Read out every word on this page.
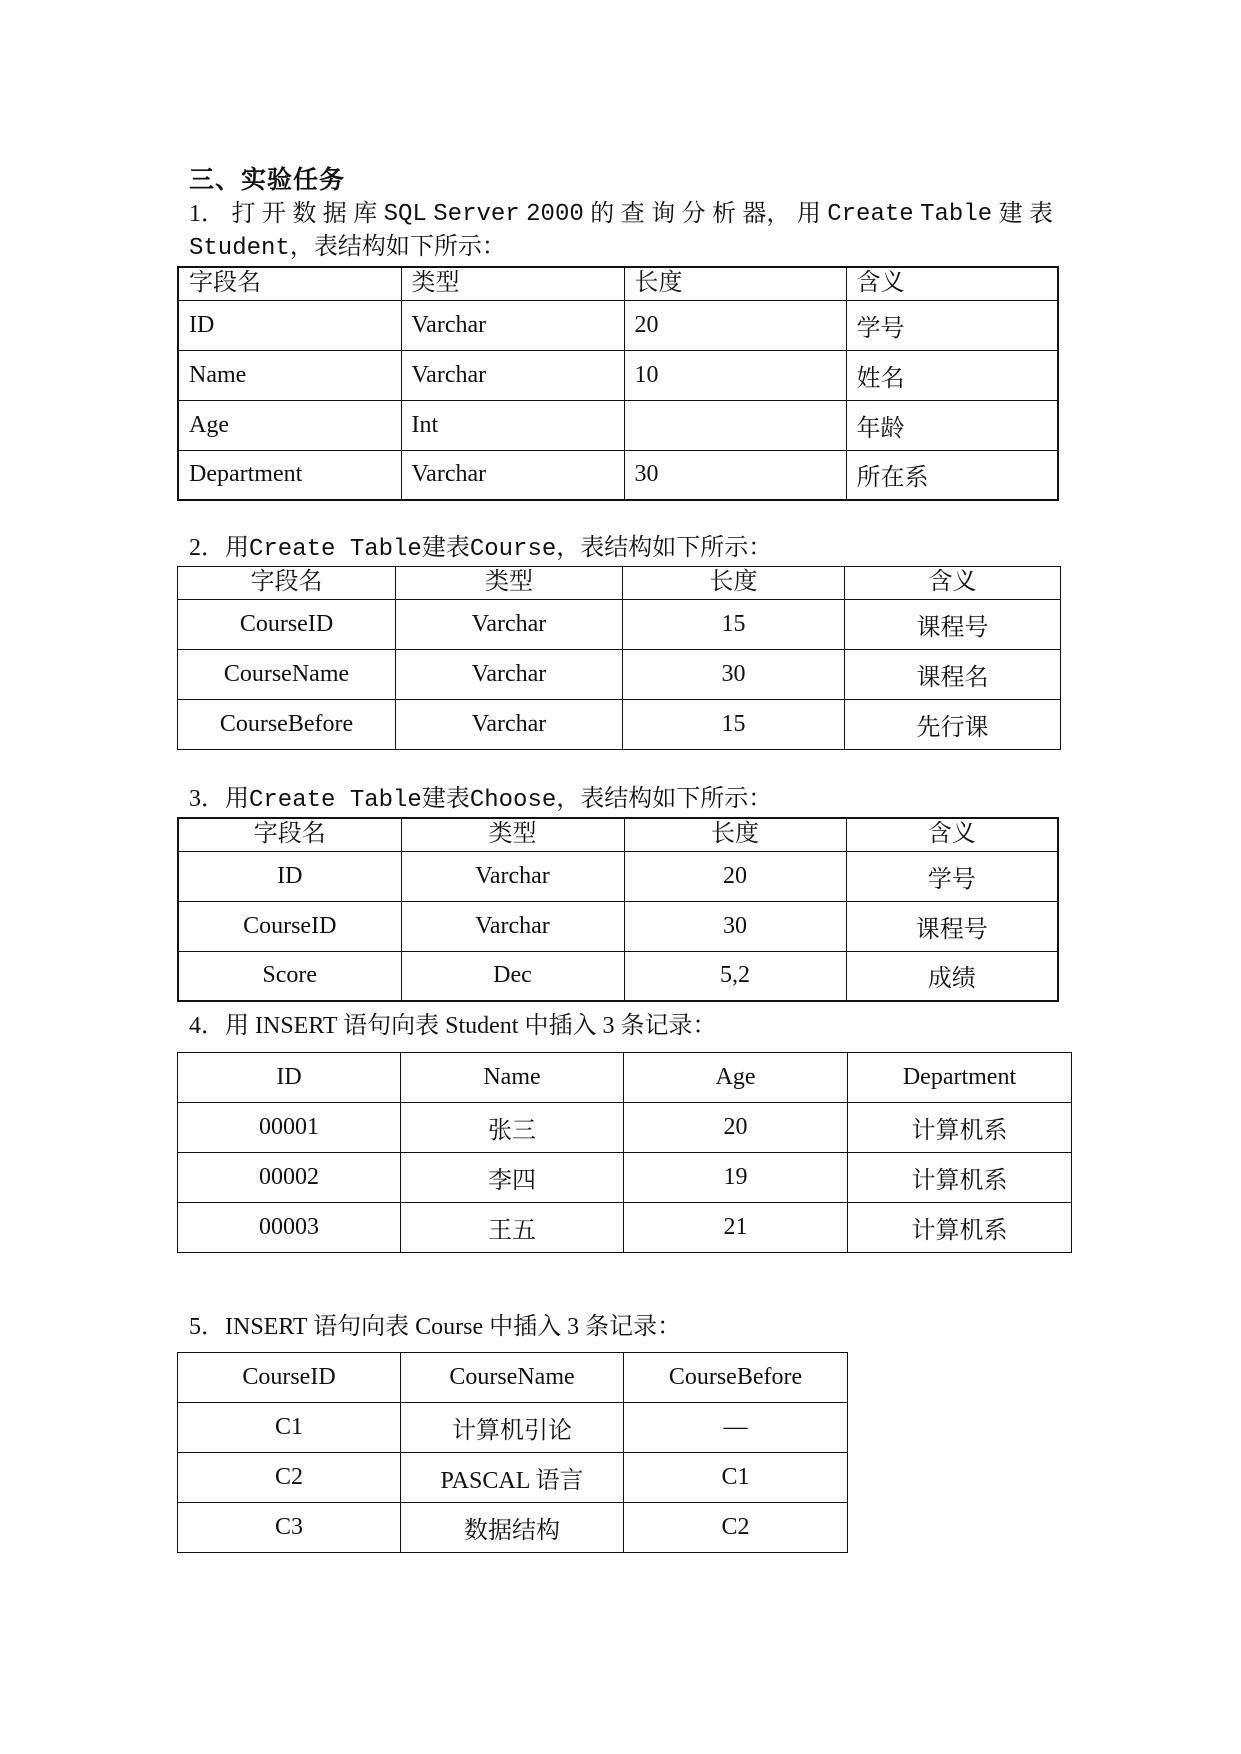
三、实验任务
1． 打 开 数 据 库 SQL Server 2000 的 查 询 分 析 器， 用 Create Table 建 表
Student，表结构如下所示：
字段名	类型	长度	含义
ID	Varchar	20	学号
Name	Varchar	10	姓名
Age	Int		年龄
Department	Varchar	30	所在系
2．用Create Table建表Course，表结构如下所示：
字段名	类型	长度	含义
CourseID	Varchar	15	课程号
CourseName	Varchar	30	课程名
CourseBefore	Varchar	15	先行课
3．用Create Table建表Choose，表结构如下所示：
字段名	类型	长度	含义
ID	Varchar	20	学号
CourseID	Varchar	30	课程号
Score	Dec	5,2	成绩
4．用 INSERT 语句向表 Student 中插入 3 条记录：
ID	Name	Age	Department
00001	张三	20	计算机系
00002	李四	19	计算机系
00003	王五	21	计算机系
5．INSERT 语句向表 Course 中插入 3 条记录：
CourseID	CourseName	CourseBefore
C1	计算机引论	—
C2	PASCAL 语言	C1
C3	数据结构	C2
